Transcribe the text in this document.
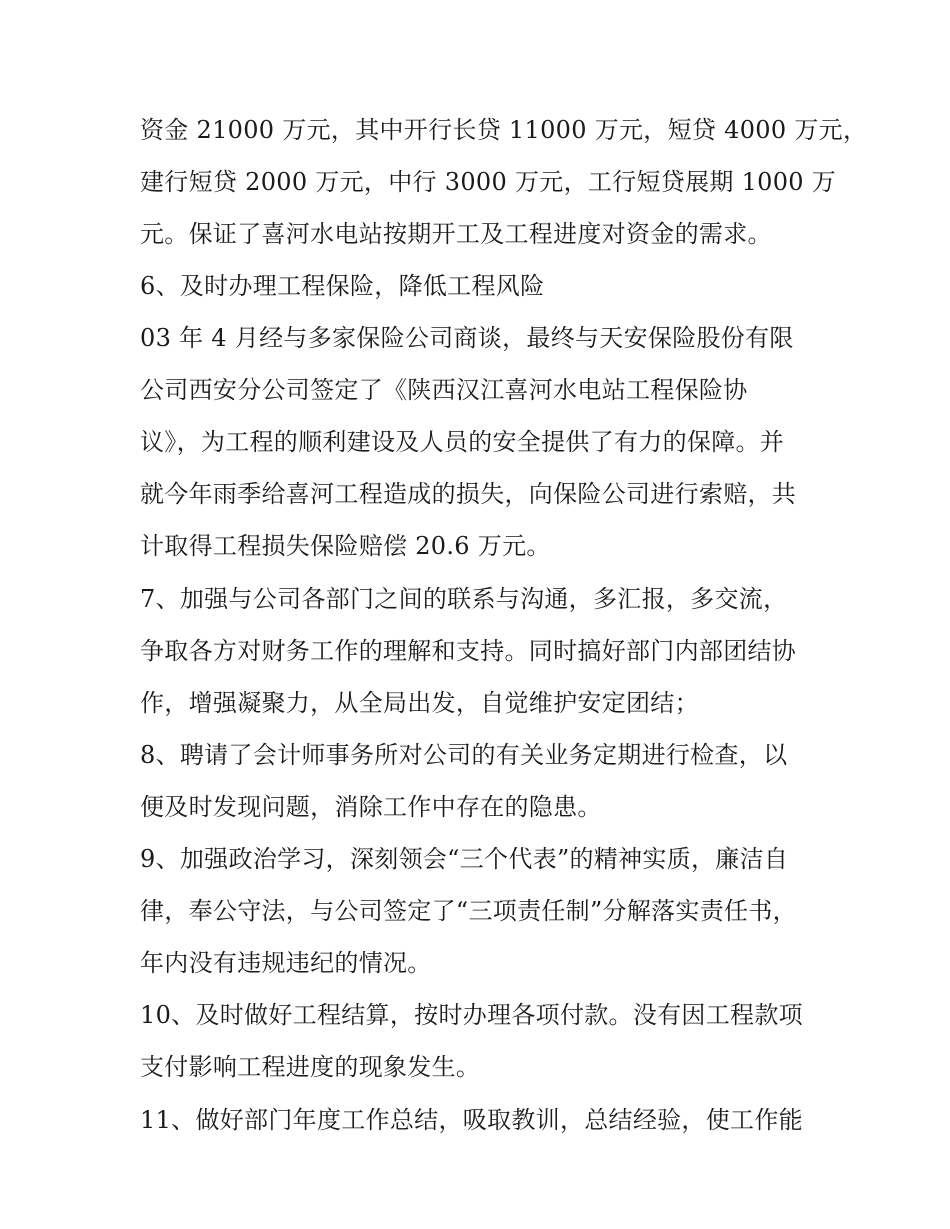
资金 21000 万元，其中开行长贷 11000 万元，短贷 4000 万元，
建行短贷 2000 万元，中行 3000 万元，工行短贷展期 1000 万
元。保证了喜河水电站按期开工及工程进度对资金的需求。
6、及时办理工程保险，降低工程风险
03 年 4 月经与多家保险公司商谈，最终与天安保险股份有限
公司西安分公司签定了《陕西汉江喜河水电站工程保险协
议》，为工程的顺利建设及人员的安全提供了有力的保障。并
就今年雨季给喜河工程造成的损失，向保险公司进行索赔，共
计取得工程损失保险赔偿 20.6 万元。
7、加强与公司各部门之间的联系与沟通，多汇报，多交流，
争取各方对财务工作的理解和支持。同时搞好部门内部团结协
作，增强凝聚力，从全局出发，自觉维护安定团结；
8、聘请了会计师事务所对公司的有关业务定期进行检查，以
便及时发现问题，消除工作中存在的隐患。
9、加强政治学习，深刻领会“三个代表”的精神实质，廉洁自
律，奉公守法，与公司签定了“三项责任制”分解落实责任书，
年内没有违规违纪的情况。
10、及时做好工程结算，按时办理各项付款。没有因工程款项
支付影响工程进度的现象发生。
11、做好部门年度工作总结，吸取教训，总结经验，使工作能
